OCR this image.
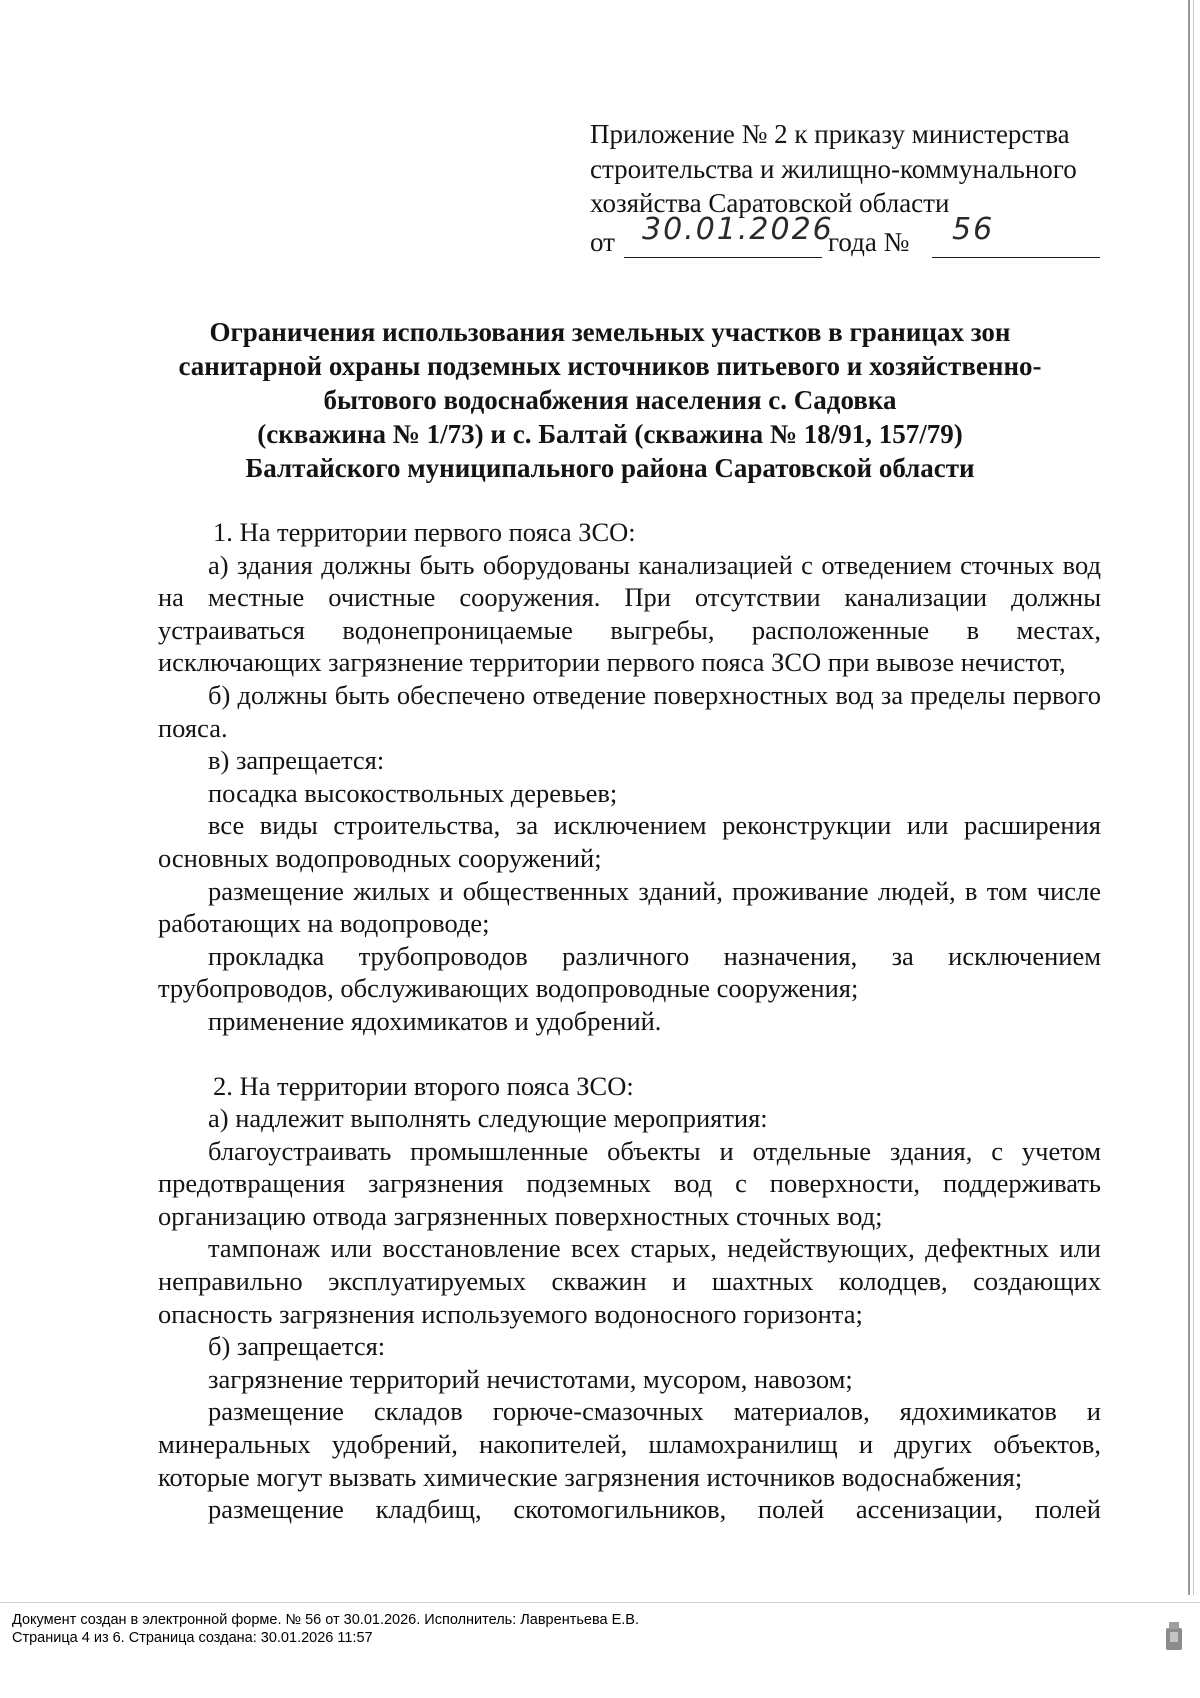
Приложение № 2 к приказу министерства
строительства и жилищно-коммунального
хозяйства Саратовской области
от 30.01.2026
года № 56
Ограничения использования земельных участков в границах зон
санитарной охраны подземных источников питьевого и хозяйственно-
бытового водоснабжения населения с. Садовка
(скважина № 1/73) и с. Балтай (скважина № 18/91, 157/79)
Балтайского муниципального района Саратовской области

1. На территории первого пояса ЗСО:

а) здания должны быть оборудованы канализацией с отведением сточных вод на местные очистные сооружения. При отсутствии канализации должны устраиваться водонепроницаемые выгребы, расположенные в местах, исключающих загрязнение территории первого пояса ЗСО при вывозе нечистот,

б) должны быть обеспечено отведение поверхностных вод за пределы первого пояса.

в) запрещается:

посадка высокоствольных деревьев;

все виды строительства, за исключением реконструкции или расширения основных водопроводных сооружений;

размещение жилых и общественных зданий, проживание людей, в том числе работающих на водопроводе;

прокладка трубопроводов различного назначения, за исключением трубопроводов, обслуживающих водопроводные сооружения;

применение ядохимикатов и удобрений.

2. На территории второго пояса ЗСО:

а) надлежит выполнять следующие мероприятия:

благоустраивать промышленные объекты и отдельные здания, с учетом предотвращения загрязнения подземных вод с поверхности, поддерживать организацию отвода загрязненных поверхностных сточных вод;

тампонаж или восстановление всех старых, недействующих, дефектных или неправильно эксплуатируемых скважин и шахтных колодцев, создающих опасность загрязнения используемого водоносного горизонта;

б) запрещается:

загрязнение территорий нечистотами, мусором, навозом;

размещение складов горюче-смазочных материалов, ядохимикатов и минеральных удобрений, накопителей, шламохранилищ и других объектов, которые могут вызвать химические загрязнения источников водоснабжения;

размещение кладбищ, скотомогильников, полей ассенизации, полей

Документ создан в электронной форме. № 56 от 30.01.2026. Исполнитель: Лаврентьева Е.В.
Страница 4 из 6. Страница создана: 30.01.2026 11:57
